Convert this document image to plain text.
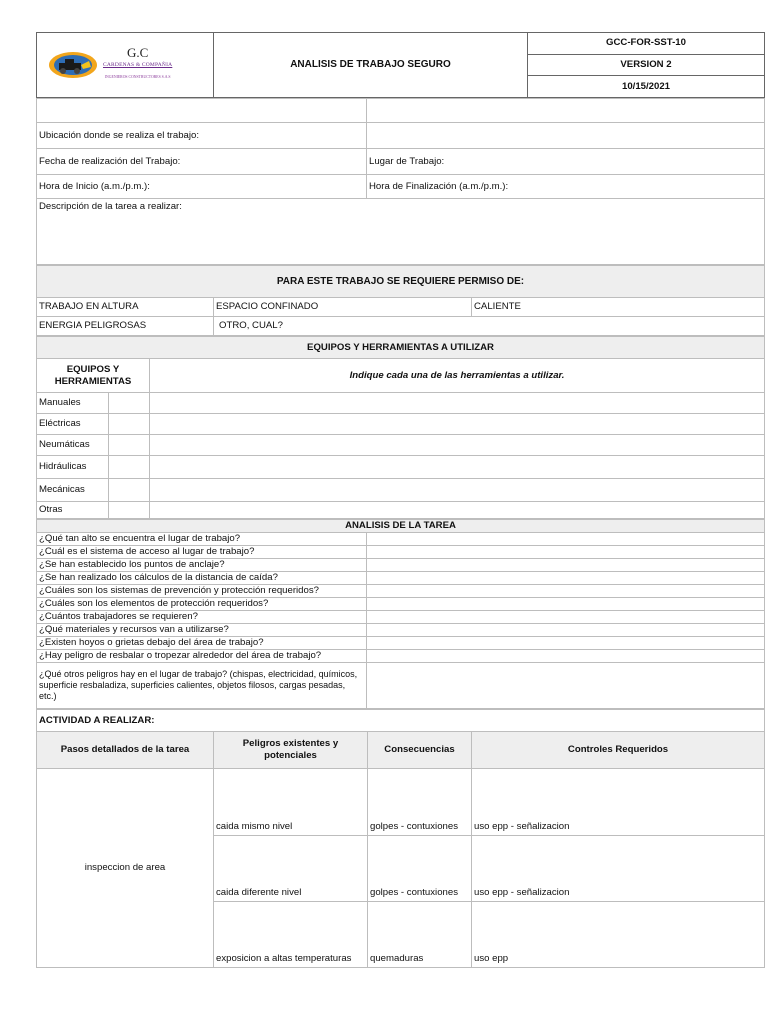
G.C
CARDENAS & COMPAÑIA
INGENIEROS CONSTRUCTORES S.A.S
	ANALISIS DE TRABAJO SEGURO	GCC-FOR-SST-10
VERSION 2
10/15/2021

Ubicación donde se realiza el trabajo:	
Fecha de realización del Trabajo:	Lugar de Trabajo:
Hora de Inicio (a.m./p.m.):	Hora de Finalización (a.m./p.m.):
Descripción de la tarea a realizar:	
PARA ESTE TRABAJO SE REQUIERE PERMISO DE:		
TRABAJO EN ALTURA	ESPACIO CONFINADO	CALIENTE
ENERGIA PELIGROSAS	OTRO, CUAL?	
EQUIPOS Y HERRAMIENTAS A UTILIZAR		
EQUIPOS Y HERRAMIENTAS		Indique cada una de las herramientas a utilizar.
Manuales		
Eléctricas		
Neumáticas		
Hidráulicas		
Mecánicas		
Otras		
ANALISIS DE LA TAREA	
¿Qué tan alto se encuentra el lugar de trabajo?	
¿Cuál es el sistema de acceso al lugar de trabajo?	
¿Se han establecido los puntos de anclaje?	
¿Se han realizado los cálculos de la distancia de caída?	
¿Cuáles son los sistemas de prevención y protección requeridos?	
¿Cuáles son los elementos de protección requeridos?	
¿Cuántos trabajadores se requieren?	
¿Qué materiales y recursos van a utilizarse?	
¿Existen hoyos o grietas debajo del área de trabajo?	
¿Hay peligro de resbalar o tropezar alrededor del área de trabajo?	
¿Qué otros peligros hay en el lugar de trabajo? (chispas, electricidad, químicos, superficie resbaladiza, superficies calientes, objetos filosos, cargas pesadas, etc.)	
ACTIVIDAD A REALIZAR:			
Pasos detallados de la tarea	Peligros existentes y potenciales	Consecuencias	Controles Requeridos
inspeccion de area	caida mismo nivel	golpes - contuxiones	uso epp - señalizacion
	caida diferente nivel	golpes - contuxiones	uso epp - señalizacion
	exposicion a altas temperaturas	quemaduras	uso epp
